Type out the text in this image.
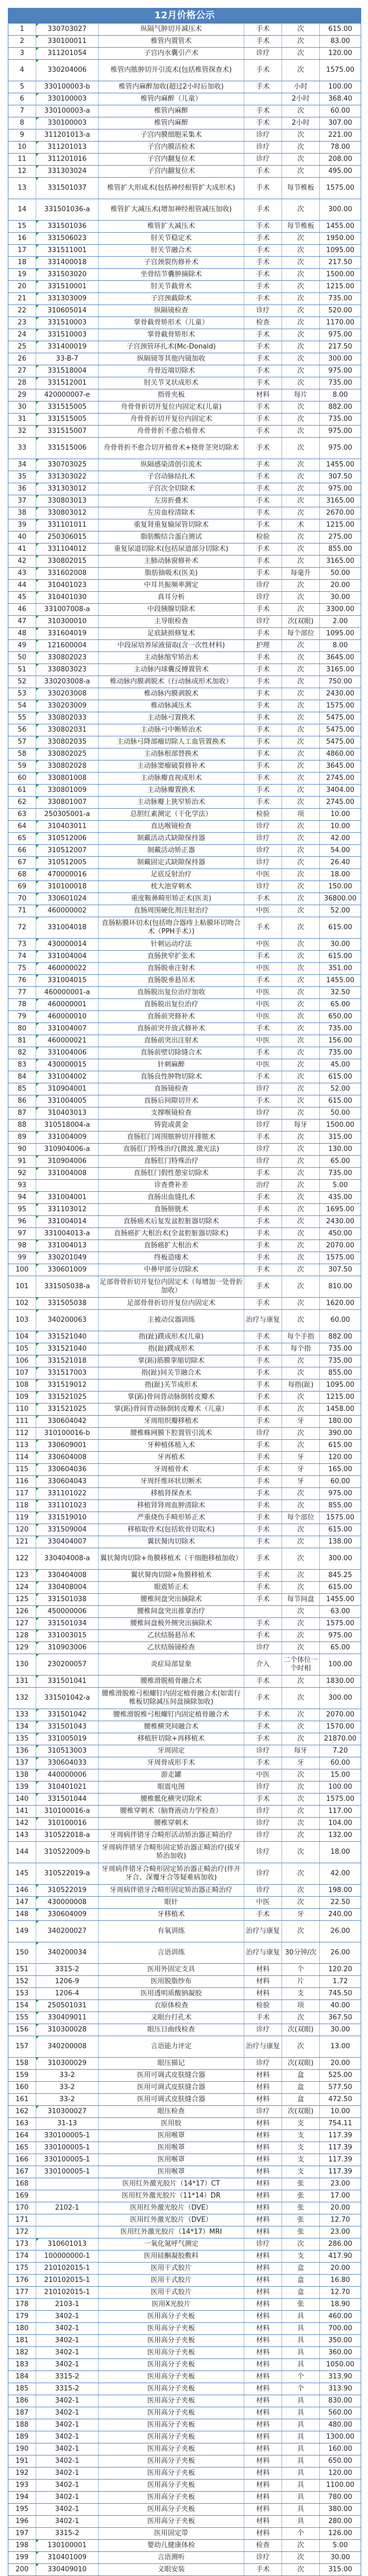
12月价格公示					
1	330703027	纵隔气肿切开减压术	手术	次	615.00
2	330100011	椎管内置管术	手术	次	83.00
3	311201054	子宫内水囊引产术	诊疗	次	120.00
4	330204006	椎管内脓肿切开引流术(包括椎管探查术)	手术	次	1575.00
5	330100003-b	椎管内麻醉加收(超过2小时后加收)	手术	小时	100.00
6	330100003	椎管内麻醉（儿童）		2小时	368.40
7	330100003-a	椎管内麻醉	手术	次	60.00
8	330100003	椎管内麻醉	手术	2小时	307.00
9	311201013-a	子宫内膜细胞采集术	诊疗	次	221.00
10	311201013	子宫内膜活检术	诊疗	次	78.00
11	311201016	子宫内翻复位术	诊疗	次	208.00
12	331303024	子宫内翻复位术	手术	次	495.00
13	331501037	椎管扩大形成术(包括神经根管扩大成形术)	手术	每节椎板	1575.00
14	331501036-a	椎管扩大减压术(增加神经根管减压加收)	手术	次	300.00
15	331501036	椎管扩大减压术	手术	每节椎板	1455.00
16	331506023	肘关节稳定术	手术	次	1950.00
17	331511001	肘关节融合术	手术	次	1095.00
18	331400018	子宫颈裂伤修补术	手术	次	217.50
19	331503020	坐骨结节囊肿摘除术	手术	次	1500.00
20	331510001	肘关节截骨术	手术	次	1215.00
21	331303009	子宫颈截除术	手术	次	735.00
22	310605014	纵隔镜检查	诊疗	次	520.00
23	331510003	掌骨截骨矫形术（儿童）	检查	次	1170.00
24	331510003	掌骨截骨矫形术	手术	次	975.00
25	331400019	子宫颈管环扎术(Mc-Donald)	手术	次	217.50
26	33-B-7	纵隔镜等其他内镜加收	手术	次	300.00
27	331518004	舟骨近端切除术	手术	次	975.00
28	331512001	肘关节叉状成形术	手术	次	735.00
29	420000007-e	指骨夹板	材料	每片	8.00
30	331515005	舟骨骨折切开复位内固定术(儿童)	手术	次	882.00
31	331515005	舟骨骨折切开复位内固定术	手术	次	735.00
32	331515007	舟骨骨折不愈合植骨术	手术	次	975.00
33	331515006	舟骨骨折不愈合切开植骨术+桡骨茎突切除术	手术	次	975.00
34	330703025	纵隔感染清创引流术	手术	次	1455.00
35	331303022	子宫动脉结扎术	手术	次	307.50
36	331303012	子宫次全切除术	手术	次	975.00
37	330803013	左房折叠术	手术	次	3165.00
38	330803012	左房血栓清除术	手术	次	2670.00
39	331101011	重复肾重复输尿管切除术	手术	术	1215.00
40	250306015	脂肪酸结合蛋白测试	检验	次	275.00
41	331104012	重复尿道切除术(包括尿道部分切除术)	手术	次	855.00
42	330802015	主肺动脉窗修补术	手术	次	3165.00
43	331602008	脂肪抽吸术(医美)	手术	每毫升	50.00
44	310401023	中耳共振频率测定	诊疗	次	20.00
45	310401030	真耳分析	诊疗	次	30.00
46	331007008-a	中段胰腺切除术	手术	次	3300.00
47	310300010	主导眼检查	诊疗	次(双眼)	2.00
48	331604019	足底缺损修复术	手术	每个部位	1095.00
49	121600004	中段尿培养尿液留取(含一次性材料)	护理	次	8.00
50	330802023	主动脉缩窄矫治术	手术	次	3645.00
51	330803023	主动脉内球囊反搏置管术	手术	次	3165.00
52	330203008-a	椎动脉内膜剥脱术（行动脉成形术加收）	手术	次	750.00
53	330203008	椎动脉内膜剥脱术	手术	次	2430.00
54	330203009	椎动脉减压术	手术	次	1575.00
55	330802033	主动脉弓置换术	手术	次	5475.00
56	330802031	主动脉弓中断矫治术	手术	次	5475.00
57	330802035	主动脉弓降部瘤切除人工血管置换术	手术	次	5475.00
58	330802025	主动脉根部替换术	手术	次	4860.00
59	330802028	主动脉窦瘤破裂修补术	手术	次	3645.00
60	330801008	主动脉瓣直视成形术	手术	次	2745.00
61	330801009	主动脉瓣置换术	手术	次	3404.00
62	330801007	主动脉瓣上狭窄矫治术	手术	次	2745.00
63	250305001-a	总胆红素测定（干化学法）	检验	项	10.00
64	310403011	直达喉镜检查	诊疗	次	10.00
65	310512006	制戴活动式缺隙保持器	诊疗	次	42.00
66	310512007	制戴活动矫正器	诊疗	次	54.00
67	310512005	制戴固定式缺隙保持器	诊疗	次	26.40
68	470000016	足底反射治疗	中医	次	18.00
69	310100018	枕大池穿刺术	诊疗	次	150.00
70	330601024	重度鞍鼻畸形矫正术(医美)	手术	次	36800.00
71	460000002	直肠周围硬化剂注射治疗	中医	次	52.00
72	331004018	直肠粘膜环切术(包括吻合器痔上粘膜环切吻合术（PPH手术）)	手术	次	615.00
73	430000014	针刺运动疗法	中医	次	30.00
74	331004004	直肠狭窄扩张术	手术	次	615.00
75	460000022	直肠脱垂注射术	中医	次	351.00
76	331004015	直肠脱垂悬吊术	手术	次	1455.00
77	460000001-a	直肠脱出复位治疗加收	中医	次	32.50
78	460000001	直肠脱出复位治疗	中医	次	65.00
79	460000010	直肠前突修补术	中医	次	650.00
80	331004007	直肠前突开放式修补术	手术	次	735.00
81	460000021	直肠前突出注射术	中医	次	156.00
82	331004006	直肠前壁切除缝合术	手术	次	735.00
83	430000015	针刺麻醉	中医	次	45.00
84	331004002	直肠良性肿物切除术	手术	次	615.00
85	310904001	直肠镜检查	诊疗	次	52.00
86	331004005	直肠后间隙切开术	手术	次	615.00
87	310403013	支撑喉镜检查	诊疗	次	50.00
88	310518004-a	铸瓷或黄金	诊疗	每牙	1500.00
89	331004009	直肠肛门周围脓肿切开排脓术	手术	次	315.00
90	310904006-a	直肠肛门特殊治疗(微波.激光法)	诊疗	次	130.00
91	310904006	直肠肛门特殊治疗	诊疗	次	65.00
92	331004008	直肠肛门假性憩室切除术	手术	次	735.00
93		诊查费补差	治疗	次	5.00
94	331004001	直肠出血缝扎术	手术	次	435.00
95	331103012	直肠膀胱术	手术	次	1695.00
96	331004014	直肠癌术后复发盆腔脏器切除术	手术	次	2430.00
97	331004013-a	直肠癌扩大根治术(全盆腔脏器切除术)	手术	次	450.00
98	331004013	直肠癌扩大根治术	手术	次	2070.00
99	330201049	终板造瘘术	手术	次	1575.00
100	330601009	中鼻甲部分切除术	手术	次	307.50
101	331505038-a	足部骨骨折切开复位内固定术（每增加一处骨折加收）	手术	次	810.00
102	331505038	足部骨骨折切开复位内固定术	手术	次	1620.00
103	340200063	主被动仪器训练	治疗与康复	次	60.00
104	331521040	指(趾)蹼成形术(儿童)	手术	每个手指	882.00
105	331521040	指(趾)蹼成形术	手术	每个指	735.00
106	331521018	掌(跖)筋膜挛缩切除术	手术	次	735.00
107	331517003	指(趾)间关节融合术	手术	次	855.00
108	331519012	指(趾)关节成形术	手术	每指(趾)	1095.00
109	331521025	掌(跖)骨间背动脉倒转皮瓣术	手术	次	1215.00
110	331521025	掌(跖)骨间背动脉倒转皮瓣术（儿童）	手术	次	1458.00
111	330604042	牙周组织瓣移植术	手术	牙	180.00
112	310100016-b	腰椎蛛网膜下腔置管引流术	诊疗	次	390.00
113	330609001	牙种植体植入术	手术	次	615.00
114	330604008	牙再植术	手术	牙	120.00
115	330604036	牙周植骨术	手术	牙	165.00
116	330604043	牙周纤维环状切断术	手术	牙	60.00
117	331101022	移植肾探查术	手术	次	975.00
118	331101023	移植肾肾周血肿清除术	手术	次	855.00
119	331519010	严重烧伤手畸形矫正术	手术	每个部位	1575.00
120	331509004	移植取骨术(包括软骨切取术)	手术	次	615.00
121	330404007	翼状胬肉切除术	手术	次	138.00
122	330404008-a	翼状胬肉切除+角膜移植术（干细胞移植加收）	手术	次	300.00
123	330404008	翼状胬肉切除+角膜移植术	手术	次	845.25
124	330408004	眼震矫正术	手术	次	615.00
125	331501038	腰椎间盘突出摘除术	手术	每节间盘	1455.00
126	450000006	腰椎间盘突出推拿治疗		次	63.00
127	331501034	腰椎间盘极外侧突出摘除术	手术	次	1575.00
128	331003015	乙状结肠悬吊术	手术	次	975.00
129	310903006	乙状结肠镜检查	诊疗	次	65.00
130	230200057	炎症局部显象	介入	二个体位一个时相	100.00
131	331501041	腰椎滑脱植骨融合术	手术	次	1830.00
132	331501042-a	腰椎滑脱椎弓根螺钉内固定植骨融合术(如需行椎板切除减压间盘摘除加收)	手术	次	300.00
133	331501042	腰椎滑脱椎弓根螺钉内固定植骨融合术	手术	次	2070.00
134	331501043	腰椎横突间融合术	手术	次	1570.00
135	331005019	移植肝切除+再移植术	手术	次	21870.00
136	310513003	牙周固定	诊疗	每牙	7.20
137	330604033	牙周骨成形手术	手术	牙	60.00
138	440000006	游走罐	中医	次	15.00
139	310401021	眼震电图	诊疗	次	100.00
140	331501044	腰椎骶化横突切除术	手术	次	1575.00
141	310100016-a	腰椎穿刺术（脑脊液动力学检查）	诊疗	次	117.00
142	310100016	腰椎穿刺术	诊疗	次	104.00
143	310522018-a	牙周病伴错牙合畸形活动矫治器正畸治疗	诊疗	次	132.00
144	310522009-b	牙周病伴错牙合畸形固定矫治器正畸治疗(拔牙矫治加收)	诊疗	次	18.00
145	310522019-a	牙周病伴错牙合畸形固定矫治器正畸治疗(伴开牙合、深覆牙合等疑难病加收)	诊疗	次	42.00
146	310522019	牙周病伴错牙合畸形固定矫治器正畸治疗	诊疗	次	198.00
147	430000008	眼针	中医	次	22.50
148	330604009	牙移植术	手术	牙	240.00
149	340200027	有氧训练	治疗与康复	次	26.00
150	340200034	言语训练	治疗与康复	30分钟/次	26.00
151	3315-2	医用外固定支具	材料	个	120.20
152	1206-9	医用脱脂纱布	材料	片	1.72
153	1206-4	医用透明质酸钠凝胶	材料	支	745.50
154	250501031	衣原体检查	检验	项	40.00
155	330409011	义眼台打孔术	手术	次	367.50
156	310300028	眼压日曲线检查	诊疗	次(双眼)	30.00
157	340200008	言语能力评定	治疗与康复	次	13.00
158	310300029	眼压描记	诊疗	次(双眼)	20.00
159	33-2	医用可调式皮肤缝合器	材料	盒	525.00
160	33-2	医用可调式皮肤缝合器	材料	盒	577.50
161	33-2	医用可调式皮肤缝合器	材料	盒	472.50
162	310300027	眼压检查	诊疗	次(双眼)	10.00
163	31-13	医用胶	材料	支	754.11
164	330100005-1	医用喉罩	材料	支	117.39
165	330100005-1	医用喉罩	材料	支	117.39
166	330100005-1	医用喉罩	材料	支	117.39
167	330100005-1	医用喉罩	材料	支	117.39
168		医用红外激光胶片（14*17）CT	材料	张	23.00
169		医用红外激光胶片（11*14）DR	材料	张	17.00
170	2102-1	医用红外激光胶片（DVE）	材料	张	20.00
171		医用红外激光胶片（DVE）	材料	张	12.70
172		医用红外激光胶片（14*17）MRI	材料	张	23.00
173	310601013	一氧化氮呼气测定	诊疗	次	286.00
174	100000000-1	医用硅酮凝胶敷料	材料	支	417.90
175	210102015-1	医用干式胶片	材料	盒	20.00
176	210102015-1	医用干式胶片	材料	盒	16.80
177	210102015-1	医用干式胶片	材料	盒	12.70
178	2103-1	医用X光胶片	材料	张	18.90
179	3402-1	医用高分子夹板	材料	具	460.00
180	3402-1	医用高分子夹板	材料	具	700.00
181	3402-1	医用高分子夹板	材料	具	350.00
182	3402-1	医用高分子夹板	材料	具	360.00
183	3402-1	医用高分子夹板	材料	具	1050.00
184	3315-2	医用高分子夹板	材料	个	313.90
185	3315-2	医用高分子夹板	材料	个	313.90
186	3402-1	医用高分子夹板	材料	具	830.00
187	3402-1	医用高分子夹板	材料	具	560.00
188	3402-1	医用高分子夹板	材料	具	480.00
189	3402-1	医用高分子夹板	材料	具	1300.00
190	3402-1	医用高分子夹板	材料	具	160.00
191	3402-1	医用高分子夹板	材料	具	650.00
192	3402-1	医用高分子夹板	材料	具	120.00
193	3402-1	医用高分子夹板	材料	具	1100.00
194	3402-1	医用高分子夹板	材料	具	780.00
195	3402-1	医用高分子夹板	材料	具	380.00
196	3402-1	医用高分子夹板	材料	具	280.00
197	3315-2	医用固定带	材料	个	126.00
198	130100001	婴幼儿健康体检	检查	次	5.00
199	310401009	言语测听	诊疗	次	30.00
200	330409010	义眼安装	手术	次	315.00
